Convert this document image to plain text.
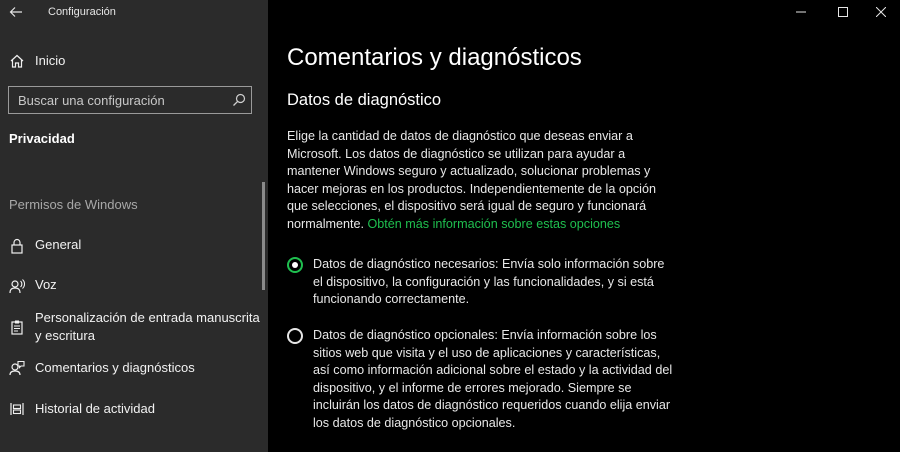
Configuración
Inicio
Buscar una configuración
Privacidad
Permisos de Windows
General
Voz
Personalización de entrada manuscrita y escritura
Comentarios y diagnósticos
Historial de actividad
Comentarios y diagnósticos
Datos de diagnóstico
Elige la cantidad de datos de diagnóstico que deseas enviar a Microsoft. Los datos de diagnóstico se utilizan para ayudar a mantener Windows seguro y actualizado, solucionar problemas y hacer mejoras en los productos. Independientemente de la opción que selecciones, el dispositivo será igual de seguro y funcionará normalmente. Obtén más información sobre estas opciones
Datos de diagnóstico necesarios: Envía solo información sobre el dispositivo, la configuración y las funcionalidades, y si está funcionando correctamente.
Datos de diagnóstico opcionales: Envía información sobre los sitios web que visita y el uso de aplicaciones y características, así como información adicional sobre el estado y la actividad del dispositivo, y el informe de errores mejorado. Siempre se incluirán los datos de diagnóstico requeridos cuando elija enviar los datos de diagnóstico opcionales.
